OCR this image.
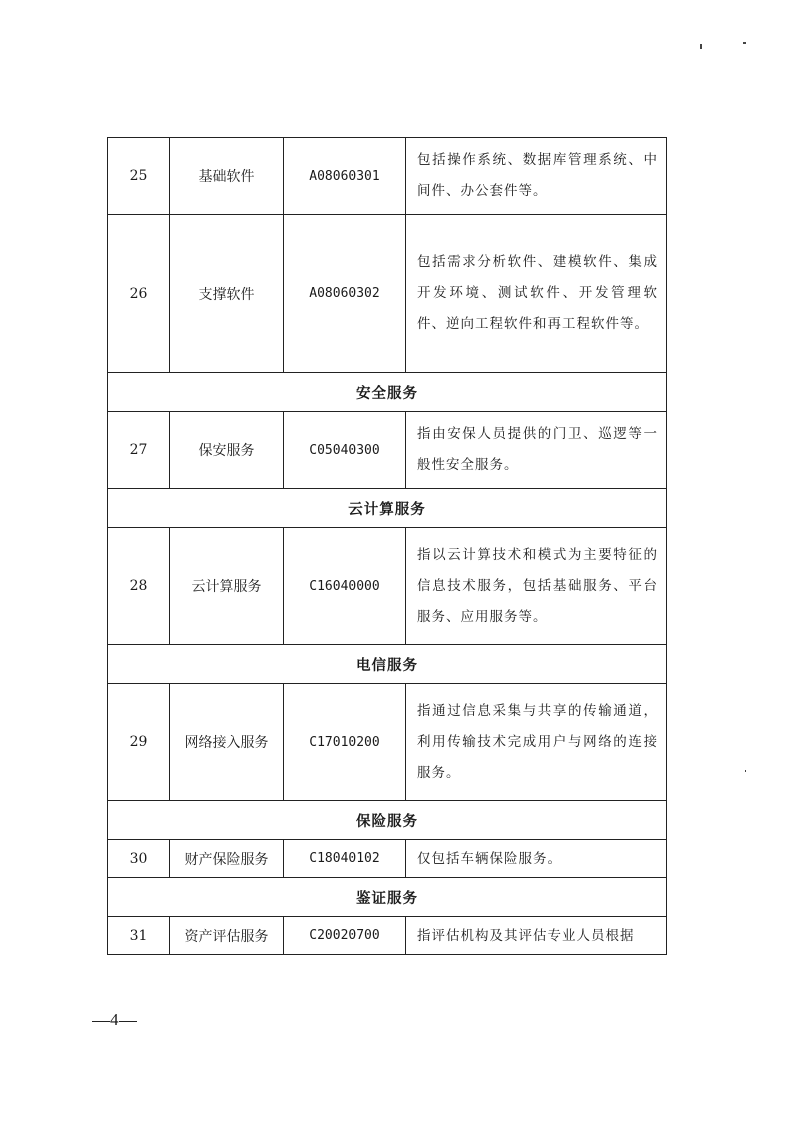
25	基础软件	A08060301	包括操作系统、数据库管理系统、中间件、办公套件等。
26	支撑软件	A08060302	包括需求分析软件、建模软件、集成开发环境、测试软件、开发管理软件、逆向工程软件和再工程软件等。
安全服务			
27	保安服务	C05040300	指由安保人员提供的门卫、巡逻等一般性安全服务。
云计算服务			
28	云计算服务	C16040000	指以云计算技术和模式为主要特征的信息技术服务，包括基础服务、平台服务、应用服务等。
电信服务			
29	网络接入服务	C17010200	指通过信息采集与共享的传输通道，利用传输技术完成用户与网络的连接服务。
保险服务			
30	财产保险服务	C18040102	仅包括车辆保险服务。
鉴证服务			
31	资产评估服务	C20020700	指评估机构及其评估专业人员根据
4
